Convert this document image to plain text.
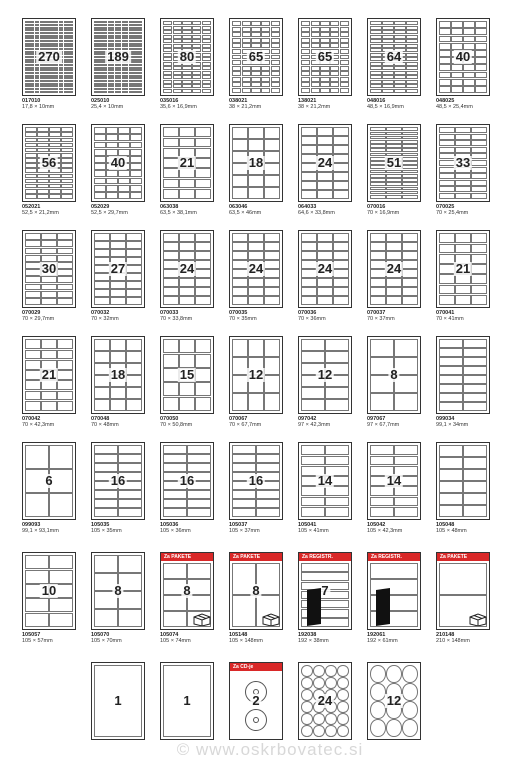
270
017010
17,8 × 10mm
189
025010
25,4 × 10mm
80
035016
35,6 × 16,9mm
65
038021
38 × 21,2mm
65
138021
38 × 21,2mm
64
048016
48,5 × 16,9mm
40
048025
48,5 × 25,4mm
56
052021
52,5 × 21,2mm
40
052029
52,5 × 29,7mm
21
063038
63,5 × 38,1mm
18
063046
63,5 × 46mm
24
064033
64,6 × 33,8mm
51
070016
70 × 16,9mm
33
070025
70 × 25,4mm
30
070029
70 × 29,7mm
27
070032
70 × 32mm
24
070033
70 × 33,8mm
24
070035
70 × 35mm
24
070036
70 × 36mm
24
070037
70 × 37mm
21
070041
70 × 41mm
21
070042
70 × 42,3mm
18
070048
70 × 48mm
15
070050
70 × 50,8mm
12
070067
70 × 67,7mm
12
097042
97 × 42,3mm
8
097067
97 × 67,7mm
099034
99,1 × 34mm
6
099093
99,1 × 93,1mm
16
105035
105 × 35mm
16
105036
105 × 36mm
16
105037
105 × 37mm
14
105041
105 × 41mm
14
105042
105 × 42,3mm
105048
105 × 48mm
10
105057
105 × 57mm
8
105070
105 × 70mm
Za PAKETE
8
105074
105 × 74mm
Za PAKETE
8
105148
105 × 148mm
Za REGISTR.
7
192038
192 × 38mm
Za REGISTR.
192061
192 × 61mm
Za PAKETE
210148
210 × 148mm
1	1
Za CD-je
2	24	12
© www.oskrbovatec.si
